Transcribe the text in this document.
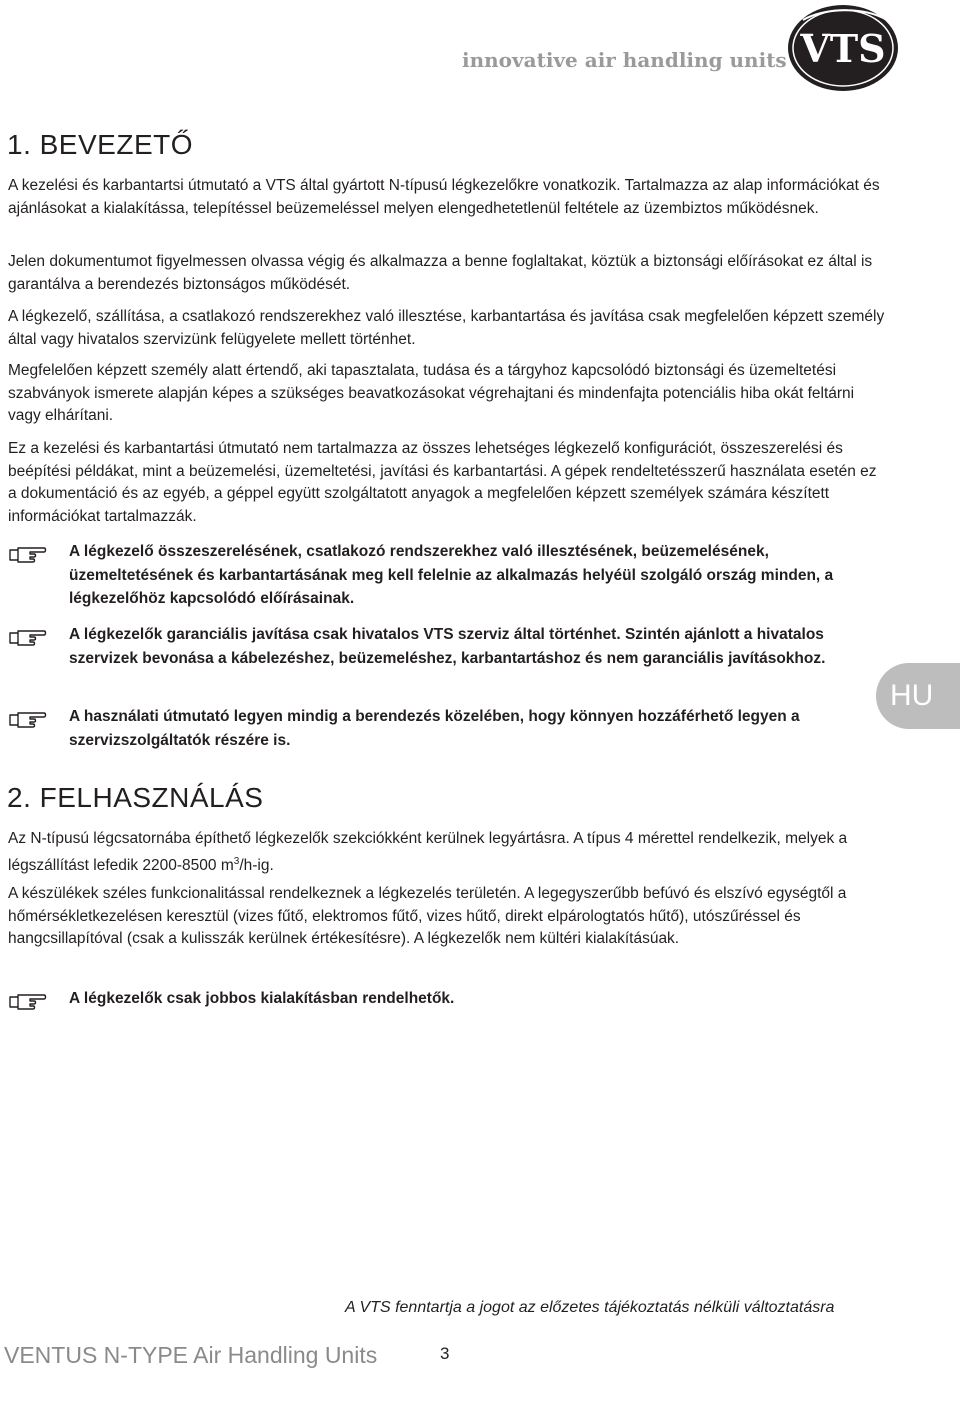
innovative air handling units VTS
1. BEVEZETŐ

A kezelési és karbantartsi útmutató a VTS által gyártott N-típusú légkezelőkre vonatkozik. Tartalmazza az alap információkat és ajánlásokat a kialakítássa, telepítéssel beüzemeléssel melyen elengedhetetlenül feltétele az üzembiztos működésnek.

Jelen dokumentumot figyelmessen olvassa végig és alkalmazza a benne foglaltakat, köztük a biztonsági előírásokat ez által is garantálva a berendezés biztonságos működését.

A légkezelő, szállítása, a csatlakozó rendszerekhez való illesztése, karbantartása és javítása csak megfelelően képzett személy által vagy hivatalos szervizünk felügyelete mellett történhet.

Megfelelően képzett személy alatt értendő, aki tapasztalata, tudása és a tárgyhoz kapcsolódó biztonsági és üzemeltetési szabványok ismerete alapján képes a szükséges beavatkozásokat végrehajtani és mindenfajta potenciális hiba okát feltárni vagy elhárítani.

Ez a kezelési és karbantartási útmutató nem tartalmazza az összes lehetséges légkezelő konfigurációt, összeszerelési és beépítési példákat, mint a beüzemelési, üzemeltetési, javítási és karbantartási. A gépek rendeltetésszerű használata esetén ez a dokumentáció és az egyéb, a géppel együtt szolgáltatott anyagok a megfelelően képzett személyek számára készített információkat tartalmazzák.

A légkezelő összeszerelésének, csatlakozó rendszerekhez való illesztésének, beüzemelésének, üzemeltetésének és karbantartásának meg kell felelnie az alkalmazás helyéül szolgáló ország minden, a légkezelőhöz kapcsolódó előírásainak.

A légkezelők garanciális javítása csak hivatalos VTS szerviz által történhet. Szintén ajánlott a hivatalos szervizek bevonása a kábelezéshez, beüzemeléshez, karbantartáshoz és nem garanciális javításokhoz.

A használati útmutató legyen mindig a berendezés közelében, hogy könnyen hozzáférhető legyen a szervizszolgáltatók részére is.

HU
2. FELHASZNÁLÁS

Az N-típusú légcsatornába építhető légkezelők szekciókként kerülnek legyártásra. A típus 4 mérettel rendelkezik, melyek a légszállítást lefedik 2200-8500 $m^3/h-ig$.

A készülékek széles funkcionalitással rendelkeznek a légkezelés területén. A legegyszerűbb befúvó és elszívó egységtől a hőmérsékletkezelésen keresztül (vizes fűtő, elektromos fűtő, vizes hűtő, direkt elpárologtatós hűtő), utószűréssel és hangcsillapítóval (csak a kulisszák kerülnek értékesítésre). A légkezelők nem kültéri kialakításúak.

A légkezelők csak jobbos kialakításban rendelhetők.

A VTS fenntartja a jogot az előzetes tájékoztatás nélküli változtatásra
VENTUS N-TYPE Air Handling Units	3
